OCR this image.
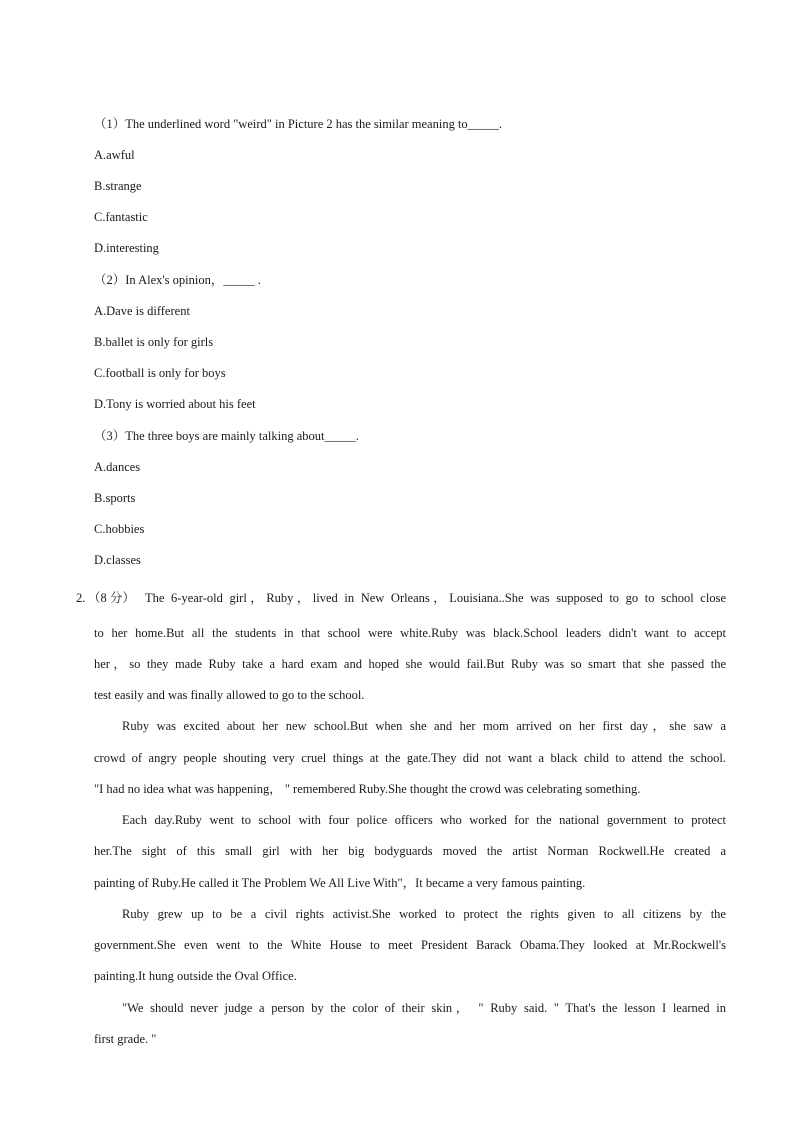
（1）The underlined word "weird" in Picture 2 has the similar meaning to_____.
A.awful
B.strange
C.fantastic
D.interesting
（2）In Alex's opinion，_____ .
A.Dave is different
B.ballet is only for girls
C.football is only for boys
D.Tony is worried about his feet
（3）The three boys are mainly talking about_____.
A.dances
B.sports
C.hobbies
D.classes
2. （8 分） The 6-year-old girl，Ruby，lived in New Orleans，Louisiana..She was supposed to go to school close
to her home.But all the students in that school were white.Ruby was black.School leaders didn't want to accept
her，so they made Ruby take a hard exam and hoped she would fail.But Ruby was so smart that she passed the
test easily and was finally allowed to go to the school.
Ruby was excited about her new school.But when she and her mom arrived on her first day，she saw a
crowd of angry people shouting very cruel things at the gate.They did not want a black child to attend the school.
"I had no idea what was happening， " remembered Ruby.She thought the crowd was celebrating something.
Each day.Ruby went to school with four police officers who worked for the national government to protect
her.The sight of this small girl with her big bodyguards moved the artist Norman Rockwell.He created a
painting of Ruby.He called it The Problem We All Live With"，It became a very famous painting.
Ruby grew up to be a civil rights activist.She worked to protect the rights given to all citizens by the
government.She even went to the White House to meet President Barack Obama.They looked at Mr.Rockwell's
painting.It hung outside the Oval Office.
"We should never judge a person by the color of their skin， " Ruby said. " That's the lesson I learned in
first grade. "
